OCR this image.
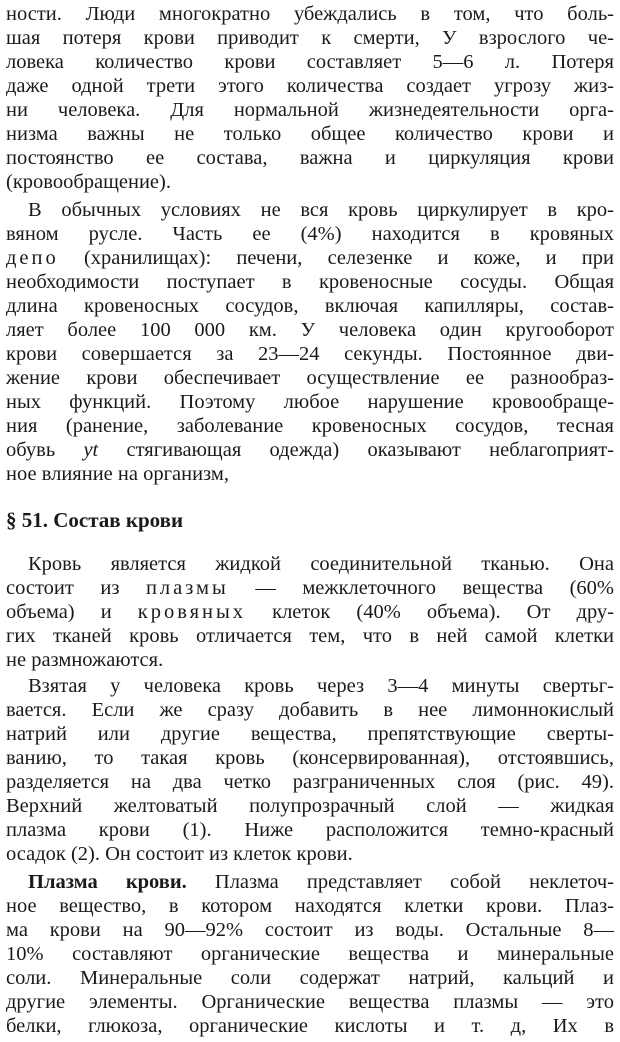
ности. Люди многократно убеждались в том, что боль-
шая потеря крови приводит к смерти, У взрослого че-
ловека количество крови составляет 5—6 л. Потеря
даже одной трети этого количества создает угрозу жиз-
ни человека. Для нормальной жизнедеятельности орга-
низма важны не только общее количество крови и
постоянство ее состава, важна и циркуляция крови
(кровообращение).
В обычных условиях не вся кровь циркулирует в кро-
вяном русле. Часть ее (4%) находится в кровяных
депо (хранилищах): печени, селезенке и коже, и при
необходимости поступает в кровеносные сосуды. Общая
длина кровеносных сосудов, включая капилляры, состав-
ляет более 100 000 км. У человека один кругооборот
крови совершается за 23—24 секунды. Постоянное дви-
жение крови обеспечивает осуществление ее разнообраз-
ных функций. Поэтому любое нарушение кровообраще-
ния (ранение, заболевание кровеносных сосудов, тесная
обувь yt стягивающая одежда) оказывают неблагоприят-
ное влияние на организм,
§ 51. Состав крови
Кровь является жидкой соединительной тканью. Она
состоит из плазмы — межклеточного вещества (60%
объема) и кровяных клеток (40% объема). От дру-
гих тканей кровь отличается тем, что в ней самой клетки
не размножаются.
Взятая у человека кровь через 3—4 минуты свертьг-
вается. Если же сразу добавить в нее лимоннокислый
натрий или другие вещества, препятствующие сверты-
ванию, то такая кровь (консервированная), отстоявшись,
разделяется на два четко разграниченных слоя (рис. 49).
Верхний желтоватый полупрозрачный слой — жидкая
плазма крови (1). Ниже расположится темно-красный
осадок (2). Он состоит из клеток крови.
Плазма крови. Плазма представляет собой неклеточ-
ное вещество, в котором находятся клетки крови. Плаз-
ма крови на 90—92% состоит из воды. Остальные 8—
10% составляют органические вещества и минеральные
соли. Минеральные соли содержат натрий, кальций и
другие элементы. Органические вещества плазмы — это
белки, глюкоза, органические кислоты и т. д, Их в
